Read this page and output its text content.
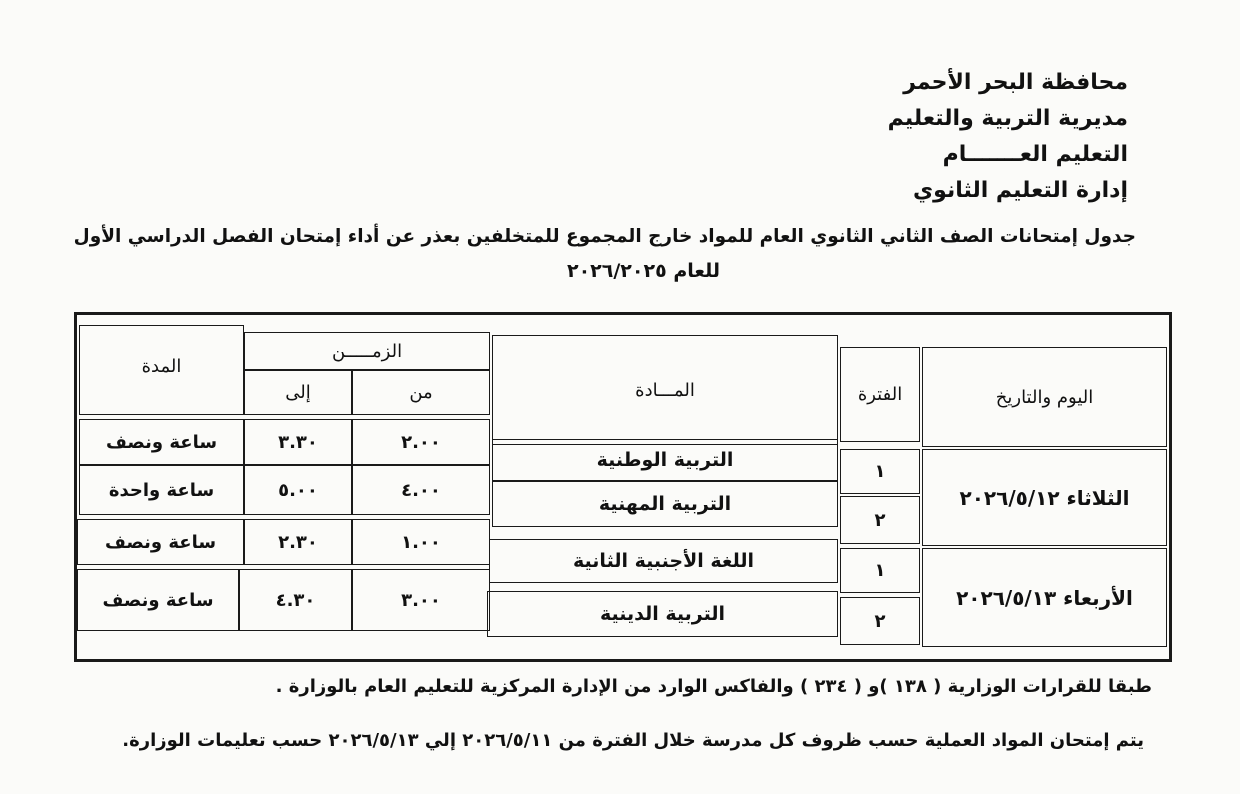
محافظة البحر الأحمر
مديرية التربية والتعليم
التعليم العـــــــام
إدارة التعليم الثانوي
جدول إمتحانات الصف الثاني الثانوي العام للمواد خارج المجموع للمتخلفين بعذر عن أداء إمتحان الفصل الدراسي الأول
للعام ٢٠٢٦/٢٠٢٥
اليوم والتاريخ
الفترة
المـــادة
الزمـــــن
من
إلى
المدة
الثلاثاء ٢٠٢٦/٥/١٢
الأربعاء ٢٠٢٦/٥/١٣
١
٢
١
٢
التربية الوطنية
التربية المهنية
اللغة الأجنبية الثانية
التربية الدينية
٢.٠٠
٤.٠٠
١.٠٠
٣.٠٠
٣.٣٠
٥.٠٠
٢.٣٠
٤.٣٠
ساعة ونصف
ساعة واحدة
ساعة ونصف
ساعة ونصف
طبقا للقرارات الوزارية ( ١٣٨ )و ( ٢٣٤ ) والفاكس الوارد من الإدارة المركزية للتعليم العام بالوزارة .
يتم إمتحان المواد العملية حسب ظروف كل مدرسة خلال الفترة من ٢٠٢٦/٥/١١ إلي ٢٠٢٦/٥/١٣ حسب تعليمات الوزارة.
